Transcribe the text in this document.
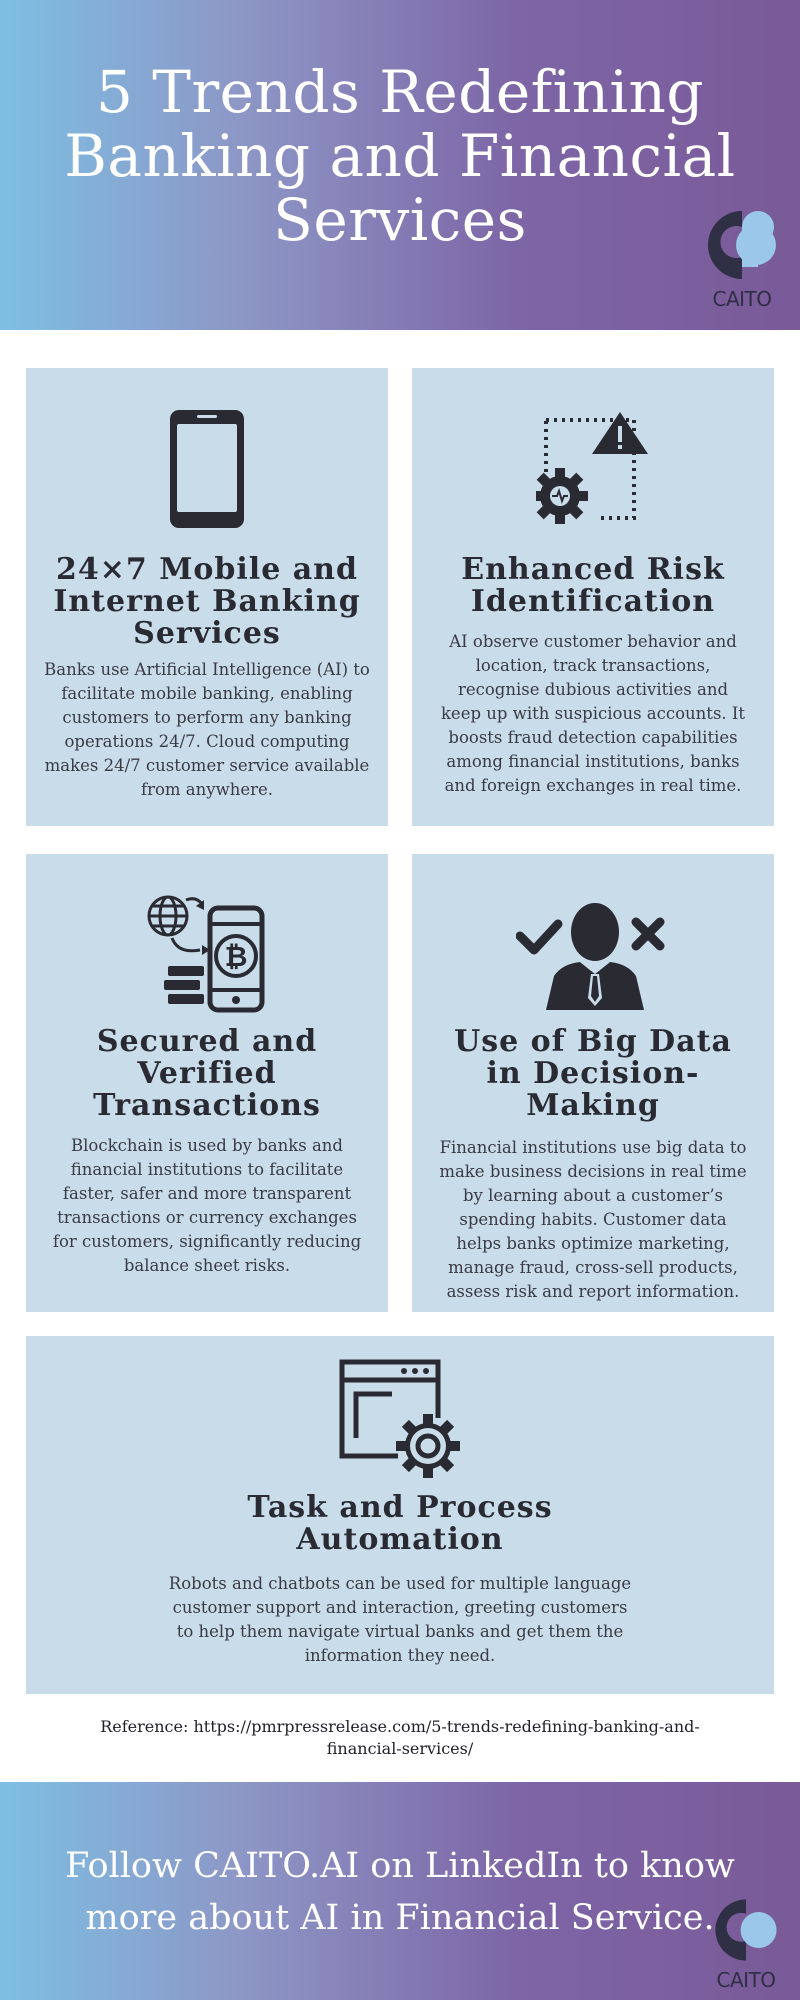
5 Trends Redefining Banking and Financial Services
CAITO
24×7 Mobile and Internet Banking Services

Banks use Artificial Intelligence (AI) to facilitate mobile banking, enabling customers to perform any banking operations 24/7. Cloud computing makes 24/7 customer service available from anywhere.

Enhanced Risk Identification

AI observe customer behavior and location, track transactions, recognise dubious activities and keep up with suspicious accounts. It boosts fraud detection capabilities among financial institutions, banks and foreign exchanges in real time.

₿
Secured and Verified Transactions

Blockchain is used by banks and financial institutions to facilitate faster, safer and more transparent transactions or currency exchanges for customers, significantly reducing balance sheet risks.

Use of Big Data in Decision-Making

Financial institutions use big data to make business decisions in real time by learning about a customer’s spending habits. Customer data helps banks optimize marketing, manage fraud, cross-sell products, assess risk and report information.

Task and Process Automation

Robots and chatbots can be used for multiple language customer support and interaction, greeting customers to help them navigate virtual banks and get them the information they need.

Reference: https://pmrpressrelease.com/5-trends-redefining-banking-and-financial-services/

Follow CAITO.AI on LinkedIn to know more about AI in Financial Service.

CAITO
